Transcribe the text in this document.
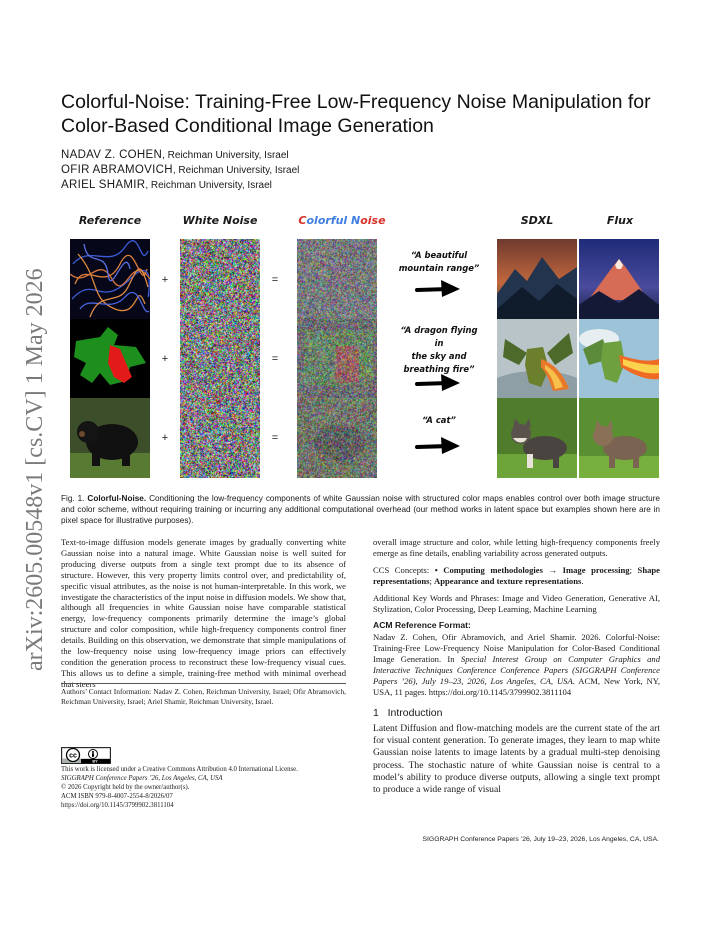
arXiv:2605.00548v1 [cs.CV] 1 May 2026
Colorful-Noise: Training-Free Low-Frequency Noise Manipulation for
Color-Based Conditional Image Generation
NADAV Z. COHEN, Reichman University, Israel
OFIR ABRAMOVICH, Reichman University, Israel
ARIEL SHAMIR, Reichman University, Israel
Reference	White Noise	Colorful Noise	SDXL	Flux
+	=
“A beautiful
mountain range”
+	=
“A dragon flying in
the sky and
breathing fire”
+	=
“A cat”
Fig. 1. Colorful-Noise. Conditioning the low-frequency components of white Gaussian noise with structured color maps enables control over both image structure and color scheme, without requiring training or incurring any additional computational overhead (our method works in latent space but examples shown here are in pixel space for illustrative purposes).

Text-to-image diffusion models generate images by gradually converting white Gaussian noise into a natural image. White Gaussian noise is well suited for producing diverse outputs from a single text prompt due to its absence of structure. However, this very property limits control over, and predictability of, specific visual attributes, as the noise is not human-interpretable. In this work, we investigate the characteristics of the input noise in diffusion models. We show that, although all frequencies in white Gaussian noise have comparable statistical energy, low-frequency components primarily determine the image’s global structure and color composition, while high-frequency components control finer details. Building on this observation, we demonstrate that simple manipulations of the low-frequency noise using low-frequency image priors can effectively condition the generation process to reconstruct these low-frequency visual cues. This allows us to define a simple, training-free method with minimal overhead that steers

Authors’ Contact Information: Nadav Z. Cohen, Reichman University, Israel; Ofir Abramovich, Reichman University, Israel; Ariel Shamir, Reichman University, Israel.
cc
BY
This work is licensed under a Creative Commons Attribution 4.0 International License.
SIGGRAPH Conference Papers ’26, Los Angeles, CA, USA
© 2026 Copyright held by the owner/author(s).
ACM ISBN 979-8-4007-2554-8/2026/07
https://doi.org/10.1145/3799902.3811104

overall image structure and color, while letting high-frequency components freely emerge as fine details, enabling variability across generated outputs.

CCS Concepts: • Computing methodologies → Image processing; Shape representations; Appearance and texture representations.

Additional Key Words and Phrases: Image and Video Generation, Generative AI, Stylization, Color Processing, Deep Learning, Machine Learning

ACM Reference Format:

Nadav Z. Cohen, Ofir Abramovich, and Ariel Shamir. 2026. Colorful-Noise: Training-Free Low-Frequency Noise Manipulation for Color-Based Conditional Image Generation. In Special Interest Group on Computer Graphics and Interactive Techniques Conference Conference Papers (SIGGRAPH Conference Papers ’26), July 19–23, 2026, Los Angeles, CA, USA. ACM, New York, NY, USA, 11 pages. https://doi.org/10.1145/3799902.3811104

1 Introduction

Latent Diffusion and flow-matching models are the current state of the art for visual content generation. To generate images, they learn to map white Gaussian noise latents to image latents by a gradual multi-step denoising process. The stochastic nature of white Gaussian noise is central to a model’s ability to produce diverse outputs, allowing a single text prompt to produce a wide range of visual

SIGGRAPH Conference Papers ’26, July 19–23, 2026, Los Angeles, CA, USA.
